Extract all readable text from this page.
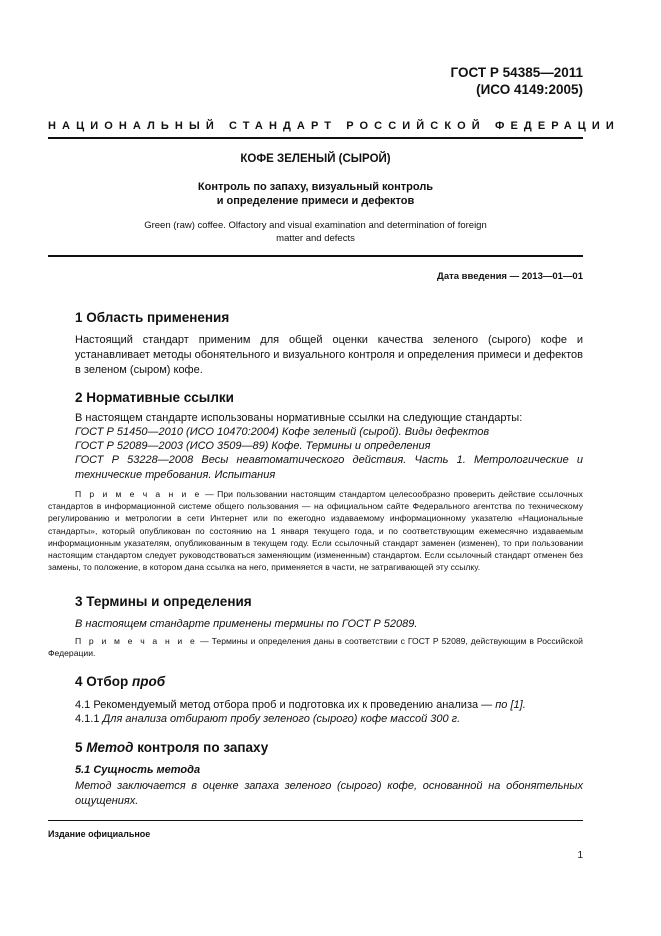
ГОСТ Р 54385—2011
(ИСО 4149:2005)
НАЦИОНАЛЬНЫЙ СТАНДАРТ РОССИЙСКОЙ ФЕДЕРАЦИИ
КОФЕ ЗЕЛЕНЫЙ (СЫРОЙ)
Контроль по запаху, визуальный контроль
и определение примеси и дефектов
Green (raw) coffee. Olfactory and visual examination and determination of foreign
matter and defects
Дата введения — 2013—01—01
1 Область применения

Настоящий стандарт применим для общей оценки качества зеленого (сырого) кофе и устанавливает методы обонятельного и визуального контроля и определения примеси и дефектов в зеленом (сыром) кофе.

2 Нормативные ссылки

В настоящем стандарте использованы нормативные ссылки на следующие стандарты:

ГОСТ Р 51450—2010 (ИСО 10470:2004) Кофе зеленый (сырой). Виды дефектов

ГОСТ Р 52089—2003 (ИСО 3509—89) Кофе. Термины и определения

ГОСТ Р 53228—2008 Весы неавтоматического действия. Часть 1. Метрологические и технические требования. Испытания

П р и м е ч а н и е — При пользовании настоящим стандартом целесообразно проверить действие ссылочных стандартов в информационной системе общего пользования — на официальном сайте Федерального агентства по техническому регулированию и метрологии в сети Интернет или по ежегодно издаваемому информационному указателю «Национальные стандарты», который опубликован по состоянию на 1 января текущего года, и по соответствующим ежемесячно издаваемым информационным указателям, опубликованным в текущем году. Если ссылочный стандарт заменен (изменен), то при пользовании настоящим стандартом следует руководствоваться заменяющим (измененным) стандартом. Если ссылочный стандарт отменен без замены, то положение, в котором дана ссылка на него, применяется в части, не затрагивающей эту ссылку.

3 Термины и определения

В настоящем стандарте применены термины по ГОСТ Р 52089.

П р и м е ч а н и е — Термины и определения даны в соответствии с ГОСТ Р 52089, действующим в Российской Федерации.

4 Отбор проб

4.1 Рекомендуемый метод отбора проб и подготовка их к проведению анализа — по [1].

4.1.1 Для анализа отбирают пробу зеленого (сырого) кофе массой 300 г.

5 Метод контроля по запаху
5.1 Сущность метода

Метод заключается в оценке запаха зеленого (сырого) кофе, основанной на обонятельных ощущениях.

Издание официальное
1
